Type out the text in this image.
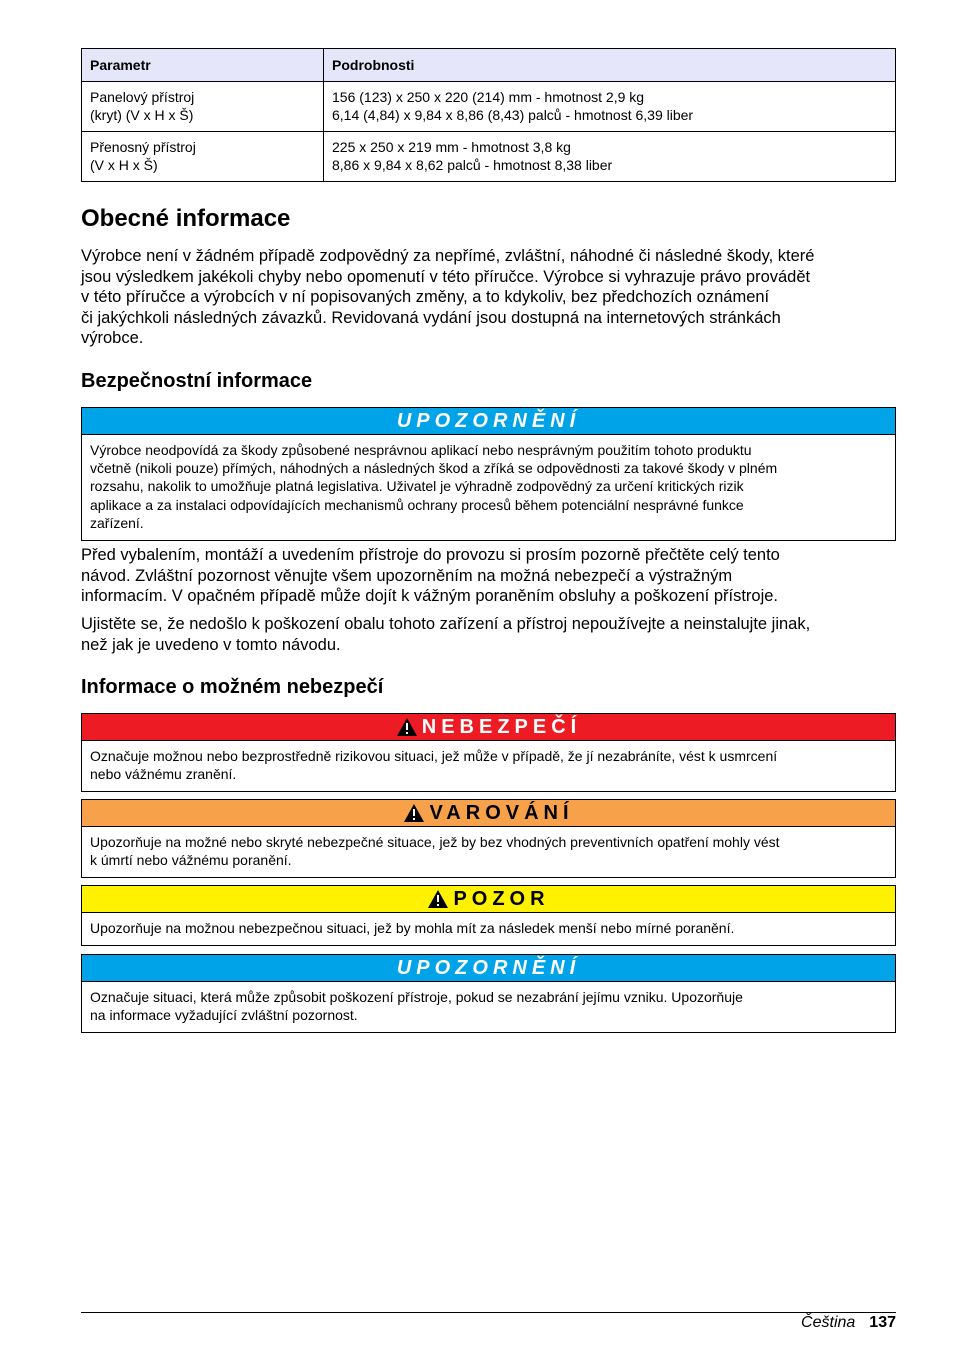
Parametr	Podrobnosti

Panelový přístroj
(kryt) (V x H x Š)	156 (123) x 250 x 220 (214) mm - hmotnost 2,9 kg
6,14 (4,84) x 9,84 x 8,86 (8,43) palců - hmotnost 6,39 liber

Přenosný přístroj
(V x H x Š)	225 x 250 x 219 mm - hmotnost 3,8 kg
8,86 x 9,84 x 8,62 palců - hmotnost 8,38 liber
Obecné informace

Výrobce není v žádném případě zodpovědný za nepřímé, zvláštní, náhodné či následné škody, které
jsou výsledkem jakékoli chyby nebo opomenutí v této příručce. Výrobce si vyhrazuje právo provádět
v této příručce a výrobcích v ní popisovaných změny, a to kdykoliv, bez předchozích oznámení
či jakýchkoli následných závazků. Revidovaná vydání jsou dostupná na internetových stránkách
výrobce.

Bezpečnostní informace
UPOZORNĚNÍ
Výrobce neodpovídá za škody způsobené nesprávnou aplikací nebo nesprávným použitím tohoto produktu
včetně (nikoli pouze) přímých, náhodných a následných škod a zříká se odpovědnosti za takové škody v plném
rozsahu, nakolik to umožňuje platná legislativa. Uživatel je výhradně zodpovědný za určení kritických rizik
aplikace a za instalaci odpovídajících mechanismů ochrany procesů během potenciální nesprávné funkce
zařízení.

Před vybalením, montáží a uvedením přístroje do provozu si prosím pozorně přečtěte celý tento
návod. Zvláštní pozornost věnujte všem upozorněním na možná nebezpečí a výstražným
informacím. V opačném případě může dojít k vážným poraněním obsluhy a poškození přístroje.

Ujistěte se, že nedošlo k poškození obalu tohoto zařízení a přístroj nepoužívejte a neinstalujte jinak,
než jak je uvedeno v tomto návodu.

Informace o možném nebezpečí
NEBEZPEČÍ
Označuje možnou nebo bezprostředně rizikovou situaci, jež může v případě, že jí nezabráníte, vést k usmrcení
nebo vážnému zranění.
VAROVÁNÍ
Upozorňuje na možné nebo skryté nebezpečné situace, jež by bez vhodných preventivních opatření mohly vést
k úmrtí nebo vážnému poranění.
POZOR
Upozorňuje na možnou nebezpečnou situaci, jež by mohla mít za následek menší nebo mírné poranění.
UPOZORNĚNÍ
Označuje situaci, která může způsobit poškození přístroje, pokud se nezabrání jejímu vzniku. Upozorňuje
na informace vyžadující zvláštní pozornost.
Čeština 137
